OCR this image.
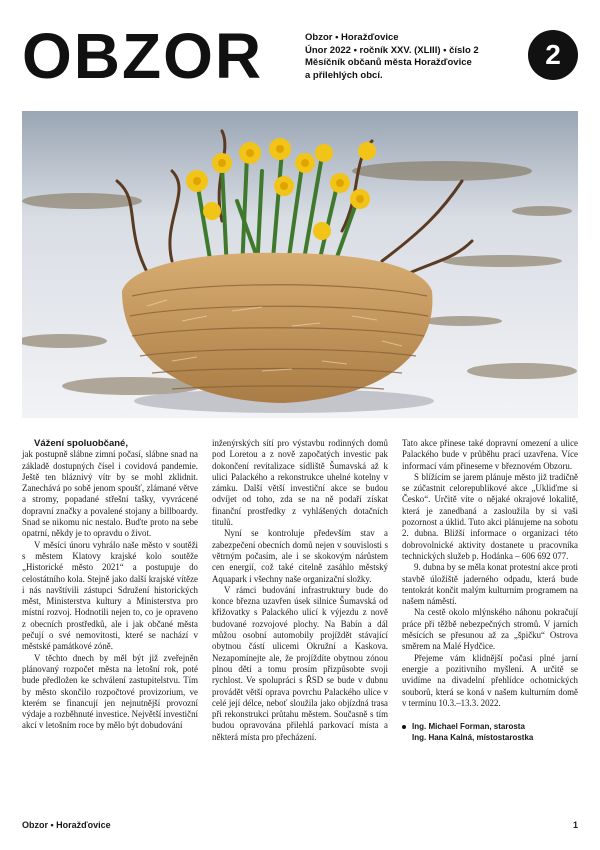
OBZOR	Obzor • Horažďovice
Únor 2022 • ročník XXV. (XLIII) • číslo 2
Měsíčník občanů města Horažďovice
a přilehlých obcí.
2

Vážení spoluobčané,

jak postupně slábne zimní počasí, slábne snad na základě dostupných čísel i covidová pandemie. Ještě ten bláznivý vítr by se mohl zklidnit. Zanechává po sobě jenom spoušť, zlámané větve a stromy, popadané střešní tašky, vyvrácené dopravní značky a povalené stojany a billboardy. Snad se nikomu nic nestalo. Buďte proto na sebe opatrní, někdy je to opravdu o život.

V měsíci únoru vyhrálo naše město v soutěži s městem Klatovy krajské kolo soutěže „Historické město 2021“ a postupuje do celostátního kola. Stejně jako další krajské vítěze i nás navštívili zástupci Sdružení historických měst, Ministerstva kultury a Ministerstva pro místní rozvoj. Hodnotili nejen to, co je opraveno z obecních prostředků, ale i jak občané města pečují o své nemovitosti, které se nachází v městské památkové zóně.

V těchto dnech by měl být již zveřejněn plánovaný rozpočet města na letošní rok, poté bude předložen ke schválení zastupitelstvu. Tím by město skončilo rozpočtové provizorium, ve kterém se financují jen nejnutnější provozní výdaje a rozběhnuté investice. Největší investiční akcí v letošním roce by mělo být dobudování

inženýrských sítí pro výstavbu rodinných domů pod Loretou a z nově započatých investic pak dokončení revitalizace sídliště Šumavská až k ulici Palackého a rekonstrukce uhelné kotelny v zámku. Další větší investiční akce se budou odvíjet od toho, zda se na ně podaří získat finanční prostředky z vyhlášených dotačních titulů.

Nyní se kontroluje především stav a zabezpečení obecních domů nejen v souvislosti s větrným počasím, ale i se skokovým nárůstem cen energií, což také citelně zasáhlo městský Aquapark i všechny naše organizační složky.

V rámci budování infrastruktury bude do konce března uzavřen úsek silnice Šumavská od křižovatky s Palackého ulicí k výjezdu z nově budované rozvojové plochy. Na Babín a dál můžou osobní automobily projíždět stávající obytnou částí ulicemi Okružní a Kaskova. Nezapomínejte ale, že projíždíte obytnou zónou plnou dětí a tomu prosím přizpůsobte svoji rychlost. Ve spolupráci s ŘSD se bude v dubnu provádět větší oprava povrchu Palackého ulice v celé její délce, neboť sloužila jako objízdná trasa při rekonstrukci průtahu městem. Současně s tím budou opravována přilehlá parkovací místa a některá místa pro přecházení.

Tato akce přinese také dopravní omezení a ulice Palackého bude v průběhu prací uzavřena. Více informací vám přineseme v březnovém Obzoru.

S blížícím se jarem plánuje město již tradičně se zúčastnit celorepublikové akce „Ukliďme si Česko“. Určitě víte o nějaké okrajové lokalitě, která je zanedbaná a zasloužila by si vaši pozornost a úklid. Tuto akci plánujeme na sobotu 2. dubna. Bližší informace o organizaci této dobrovolnické aktivity dostanete u pracovníka technických služeb p. Hodánka – 606 692 077.

9. dubna by se měla konat protestní akce proti stavbě úložiště jaderného odpadu, která bude tentokrát končit malým kulturním programem na našem náměstí.

Na cestě okolo mlýnského náhonu pokračují práce při těžbě nebezpečných stromů. V jarních měsících se přesunou až za „špičku“ Ostrova směrem na Malé Hydčice.

Přejeme vám klidnější počasí plné jarní energie a pozitivního myšlení. A určitě se uvidíme na divadelní přehlídce ochotnických souborů, která se koná v našem kulturním domě v termínu 10.3.–13.3. 2022.

Ing. Michael Forman, starosta
Ing. Hana Kalná, místostarostka
Obzor • Horažďovice	1
